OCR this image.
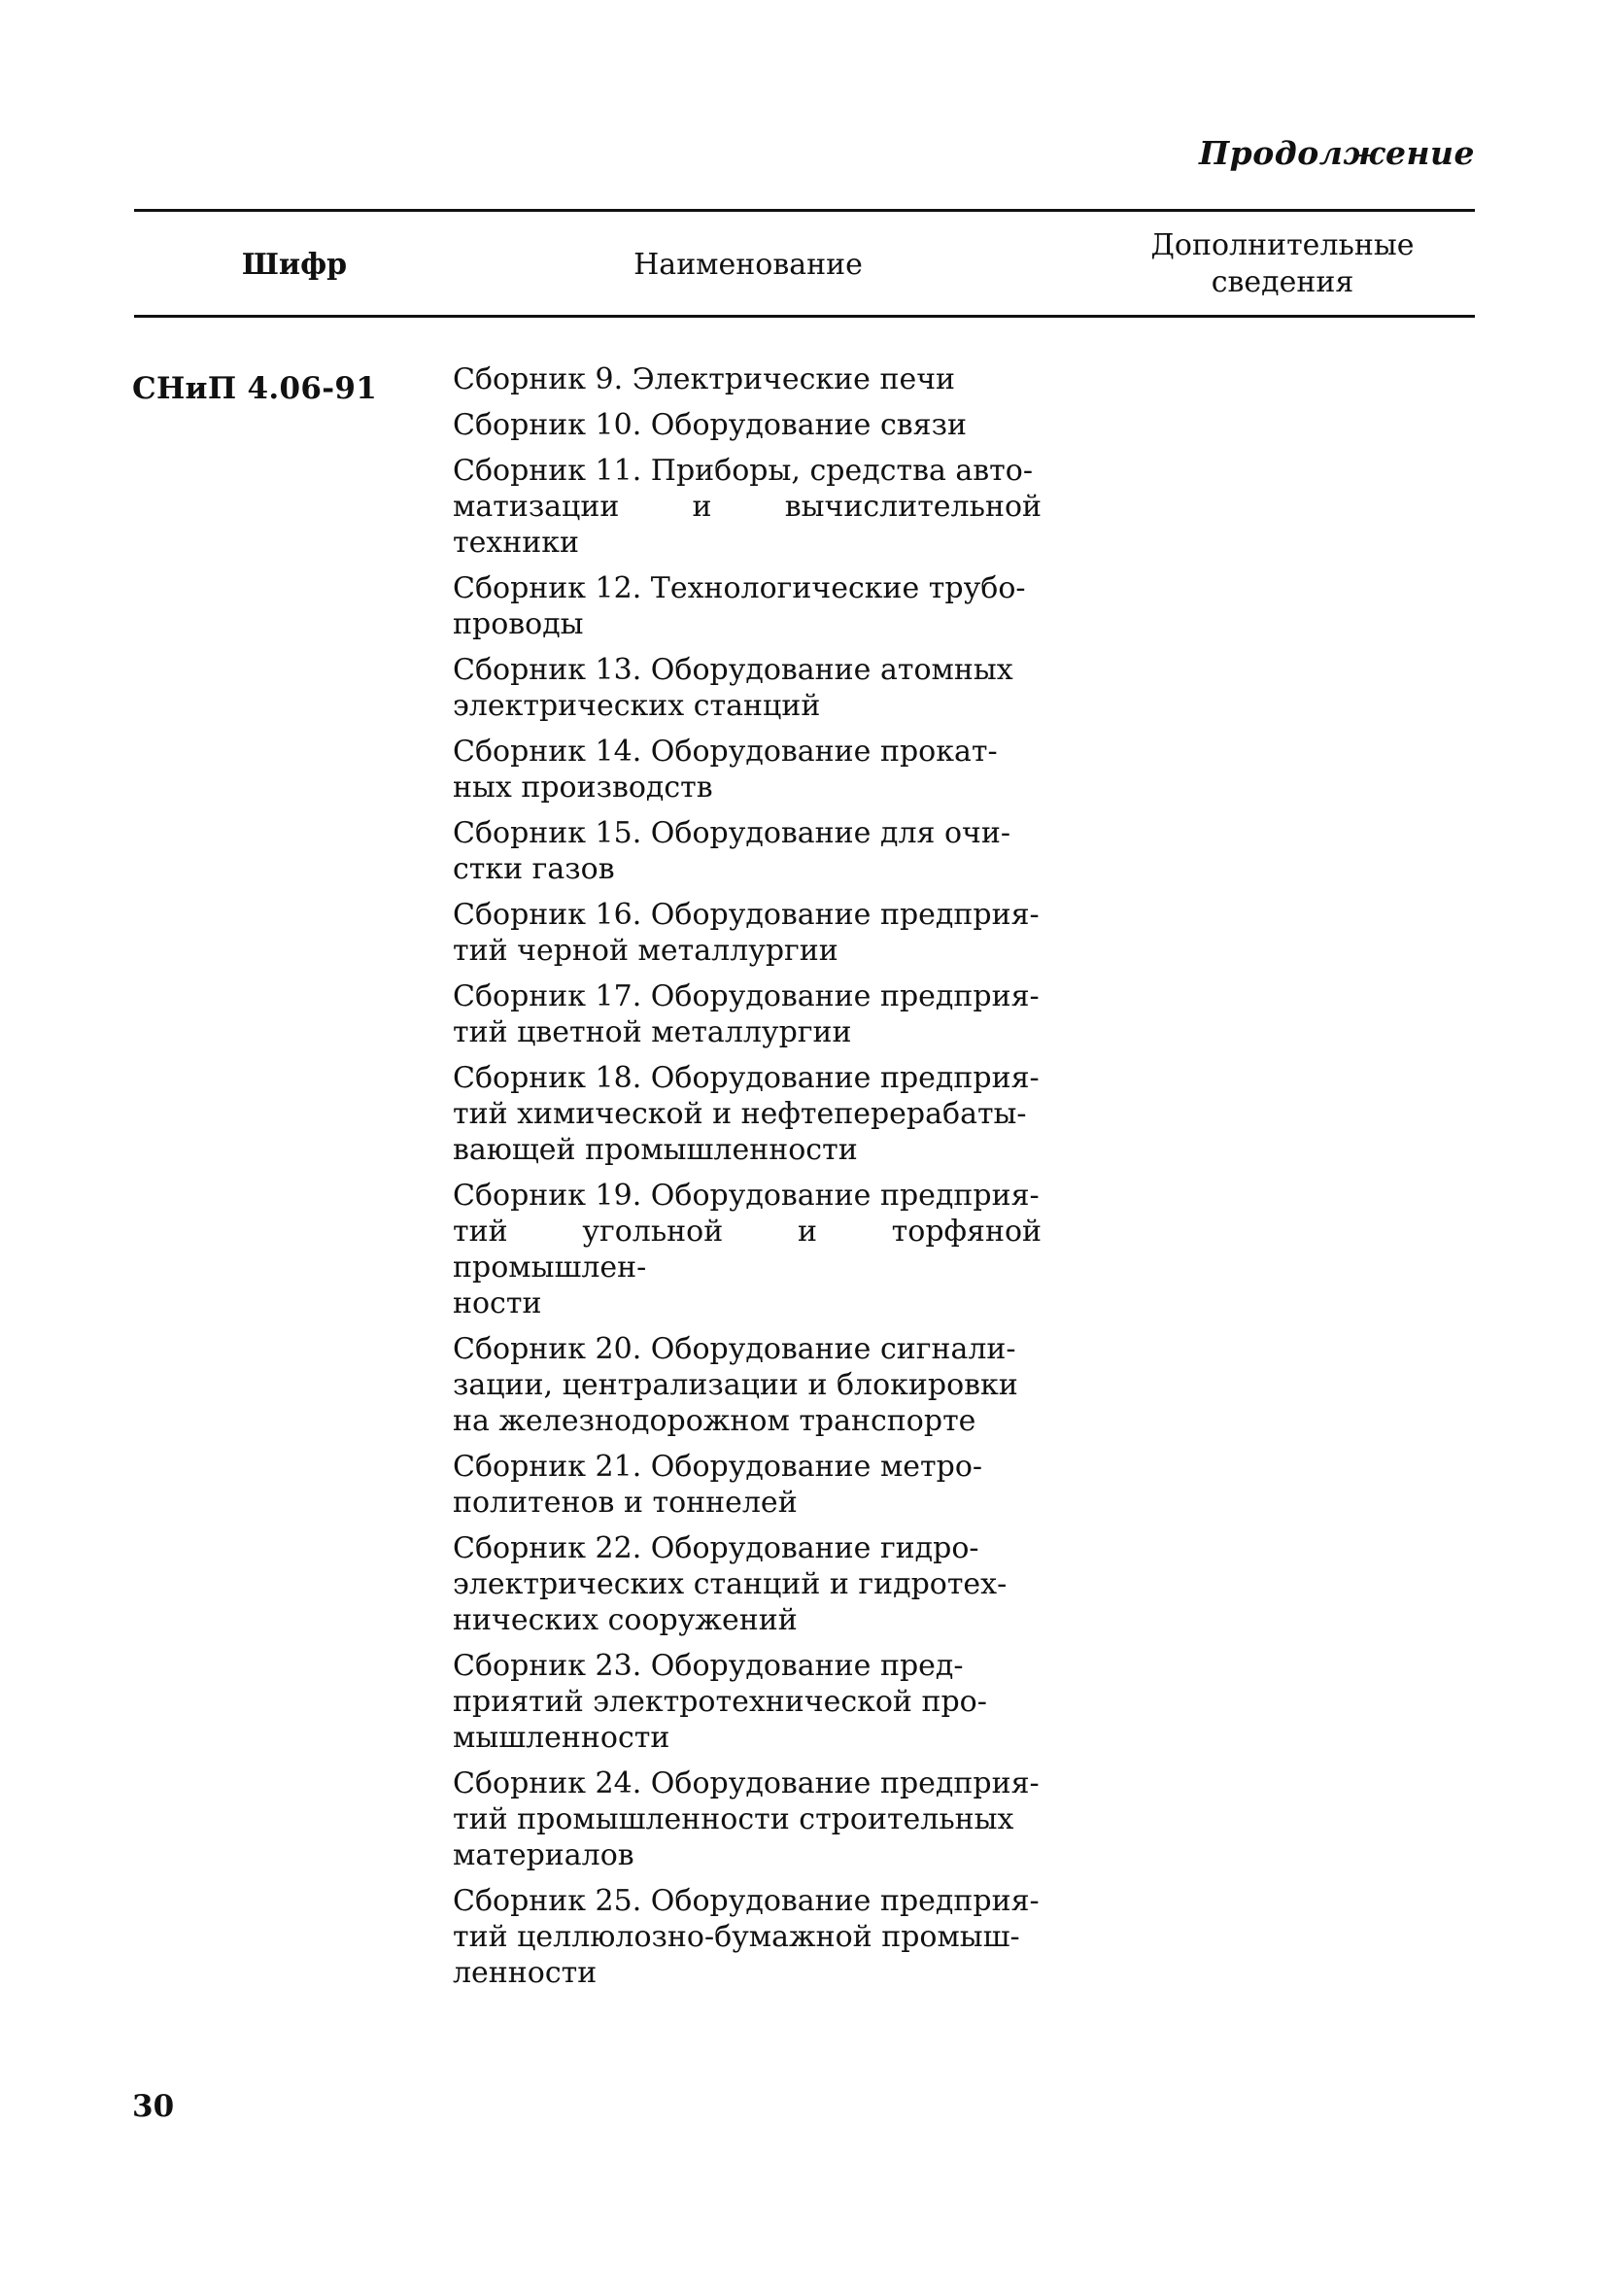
Продолжение
Шифр	Наименование
Дополнительные
сведения
СНиП 4.06-91	Сборник 9. Электрические печи
Сборник 10. Оборудование связи
Сборник 11. Приборы, средства авто-
матизации и вычислительной техники
Сборник 12. Технологические трубо-
проводы
Сборник 13. Оборудование атомных
электрических станций
Сборник 14. Оборудование прокат-
ных производств
Сборник 15. Оборудование для очи-
стки газов
Сборник 16. Оборудование предприя-
тий черной металлургии
Сборник 17. Оборудование предприя-
тий цветной металлургии
Сборник 18. Оборудование предприя-
тий химической и нефтеперерабаты-
вающей промышленности
Сборник 19. Оборудование предприя-
тий угольной и торфяной промышлен-
ности
Сборник 20. Оборудование сигнали-
зации, централизации и блокировки
на железнодорожном транспорте
Сборник 21. Оборудование метро-
политенов и тоннелей
Сборник 22. Оборудование гидро-
электрических станций и гидротех-
нических сооружений
Сборник 23. Оборудование пред-
приятий электротехнической про-
мышленности
Сборник 24. Оборудование предприя-
тий промышленности строительных
материалов
Сборник 25. Оборудование предприя-
тий целлюлозно-бумажной промыш-
ленности
30
